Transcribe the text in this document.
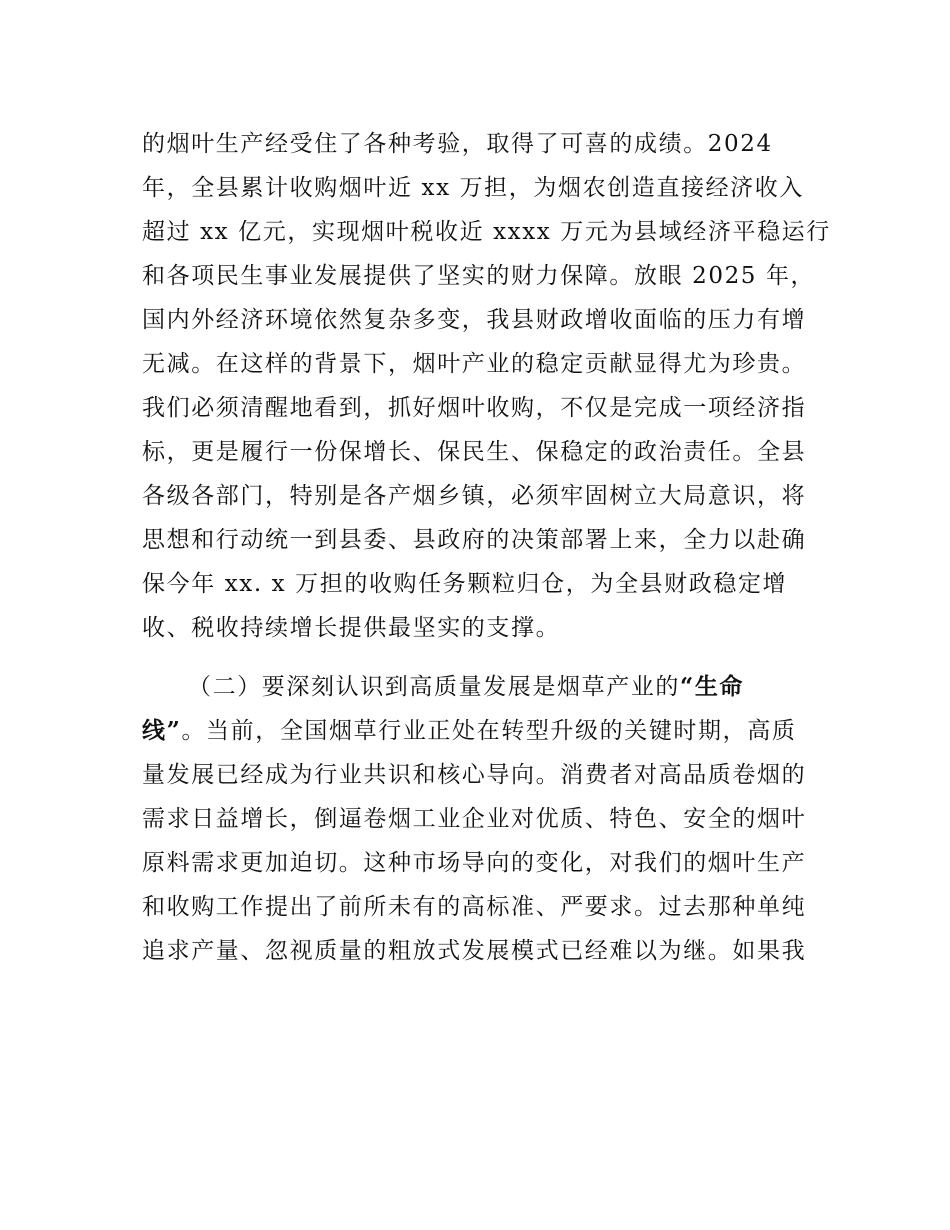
的烟叶生产经受住了各种考验，取得了可喜的成绩。2024
年，全县累计收购烟叶近 xx 万担，为烟农创造直接经济收入
超过 xx 亿元，实现烟叶税收近 xxxx 万元为县域经济平稳运行
和各项民生事业发展提供了坚实的财力保障。放眼 2025 年，
国内外经济环境依然复杂多变，我县财政增收面临的压力有增
无减。在这样的背景下，烟叶产业的稳定贡献显得尤为珍贵。
我们必须清醒地看到，抓好烟叶收购，不仅是完成一项经济指
标，更是履行一份保增长、保民生、保稳定的政治责任。全县
各级各部门，特别是各产烟乡镇，必须牢固树立大局意识，将
思想和行动统一到县委、县政府的决策部署上来，全力以赴确
保今年 xx. x 万担的收购任务颗粒归仓，为全县财政稳定增
收、税收持续增长提供最坚实的支撑。
（二）要深刻认识到高质量发展是烟草产业的“生命
线”。当前，全国烟草行业正处在转型升级的关键时期，高质
量发展已经成为行业共识和核心导向。消费者对高品质卷烟的
需求日益增长，倒逼卷烟工业企业对优质、特色、安全的烟叶
原料需求更加迫切。这种市场导向的变化，对我们的烟叶生产
和收购工作提出了前所未有的高标准、严要求。过去那种单纯
追求产量、忽视质量的粗放式发展模式已经难以为继。如果我
